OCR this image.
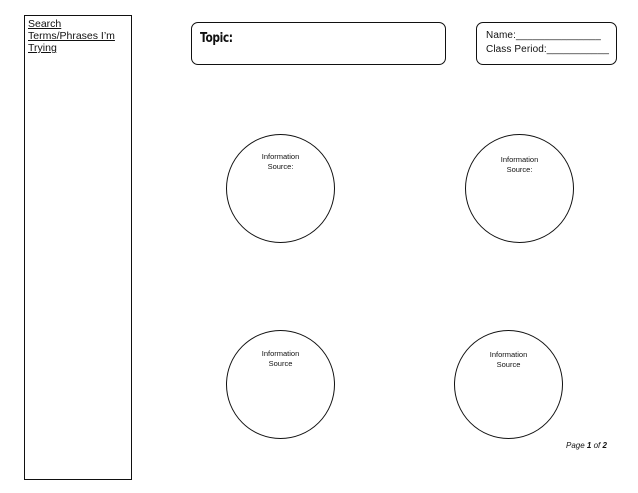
Search
Terms/Phrases I’m
Trying
Topic:	Name:_______________
Class Period:___________
Information
Source:
Information
Source:
Information
Source
Information
Source
Page 1 of 2
